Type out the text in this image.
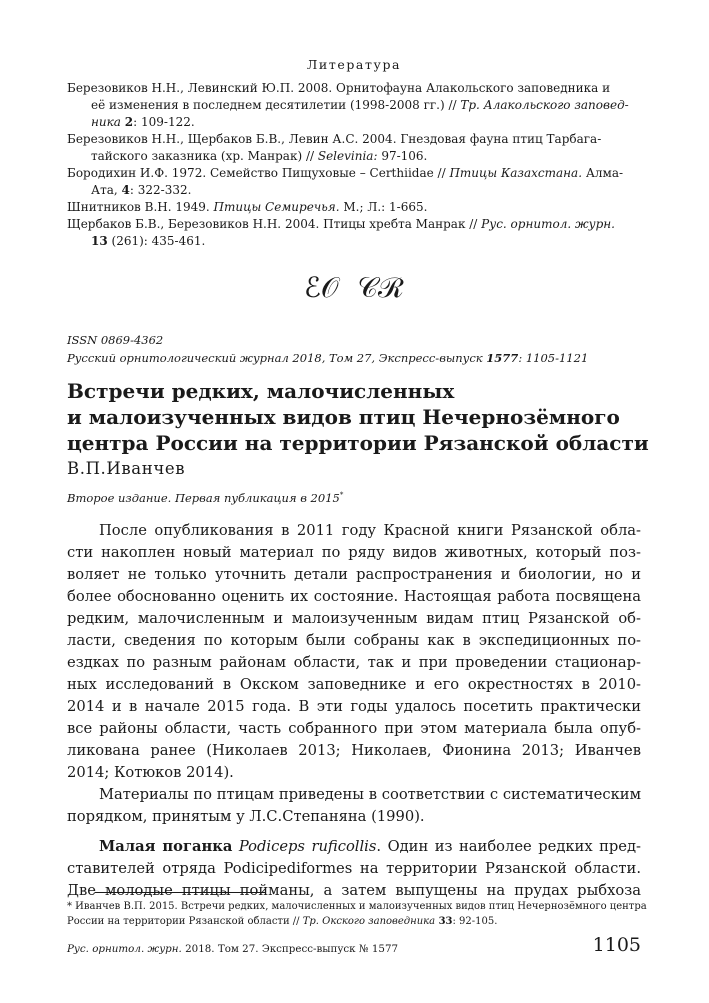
Литература

Березовиков Н.Н., Левинский Ю.П. 2008. Орнитофауна Алакольского заповедника и
её изменения в последнем десятилетии (1998-2008 гг.) // Тр. Алакольского заповед-
ника 2: 109-122.

Березовиков Н.Н., Щербаков Б.В., Левин А.С. 2004. Гнездовая фауна птиц Тарбага-
тайского заказника (хр. Манрак) // Selevinia: 97-106.

Бородихин И.Ф. 1972. Семейство Пищуховые – Certhiidae // Птицы Казахстана. Алма-
Ата, 4: 322-332.

Шнитников В.Н. 1949. Птицы Семиречья. М.; Л.: 1-665.

Щербаков Б.В., Березовиков Н.Н. 2004. Птицы хребта Манрак // Рус. орнитол. журн.
13 (261): 435-461.

ℰ𝒪 𝒞ℛ
ISSN 0869-4362
Русский орнитологический журнал 2018, Том 27, Экспресс-выпуск 1577: 1105-1121
Встречи редких, малочисленных
и малоизученных видов птиц Нечернозёмного
центра России на территории Рязанской области
В.П.Иванчев
Второе издание. Первая публикация в 2015*
После опубликования в 2011 году Красной книги Рязанской обла-
сти накоплен новый материал по ряду видов животных, который поз-
воляет не только уточнить детали распространения и биологии, но и
более обоснованно оценить их состояние. Настоящая работа посвящена
редким, малочисленным и малоизученным видам птиц Рязанской об-
ласти, сведения по которым были собраны как в экспедиционных по-
ездках по разным районам области, так и при проведении стационар-
ных исследований в Окском заповеднике и его окрестностях в 2010-
2014 и в начале 2015 года. В эти годы удалось посетить практически
все районы области, часть собранного при этом материала была опуб-
ликована ранее (Николаев 2013; Николаев, Фионина 2013; Иванчев
2014; Котюков 2014).
Материалы по птицам приведены в соответствии с систематическим
порядком, принятым у Л.С.Степаняна (1990).
Малая поганка Podiceps ruficollis. Один из наиболее редких пред-
ставителей отряда Podicipediformes на территории Рязанской области.
Две молодые птицы пойманы, а затем выпущены на прудах рыбхоза
* Иванчев В.П. 2015. Встречи редких, малочисленных и малоизученных видов птиц Нечернозёмного центра
России на территории Рязанской области // Тр. Окского заповедника 33: 92-105.
Рус. орнитол. журн. 2018. Том 27. Экспресс-выпуск № 1577	1105
